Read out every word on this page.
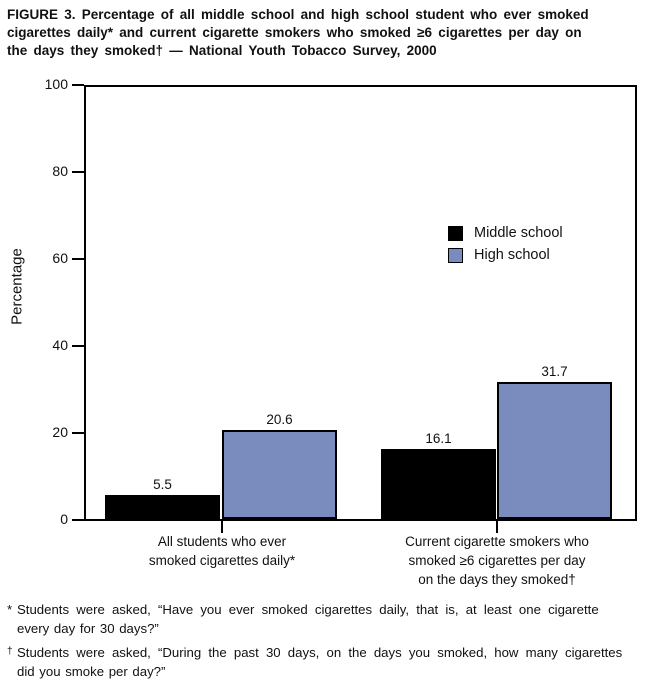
FIGURE 3. Percentage of all middle school and high school student who ever smoked
cigarettes daily* and current cigarette smokers who smoked ≥6 cigarettes per day on
the days they smoked† — National Youth Tobacco Survey, 2000
Percentage
100
80
60
40
20
0
5.5
20.6
16.1
31.7
All students who ever
smoked cigarettes daily*
Current cigarette smokers who
smoked ≥6 cigarettes per day
on the days they smoked†
Middle school
High school
* Students were asked, “Have you ever smoked cigarettes daily, that is, at least one cigarette
every day for 30 days?”
† Students were asked, “During the past 30 days, on the days you smoked, how many cigarettes
did you smoke per day?”
